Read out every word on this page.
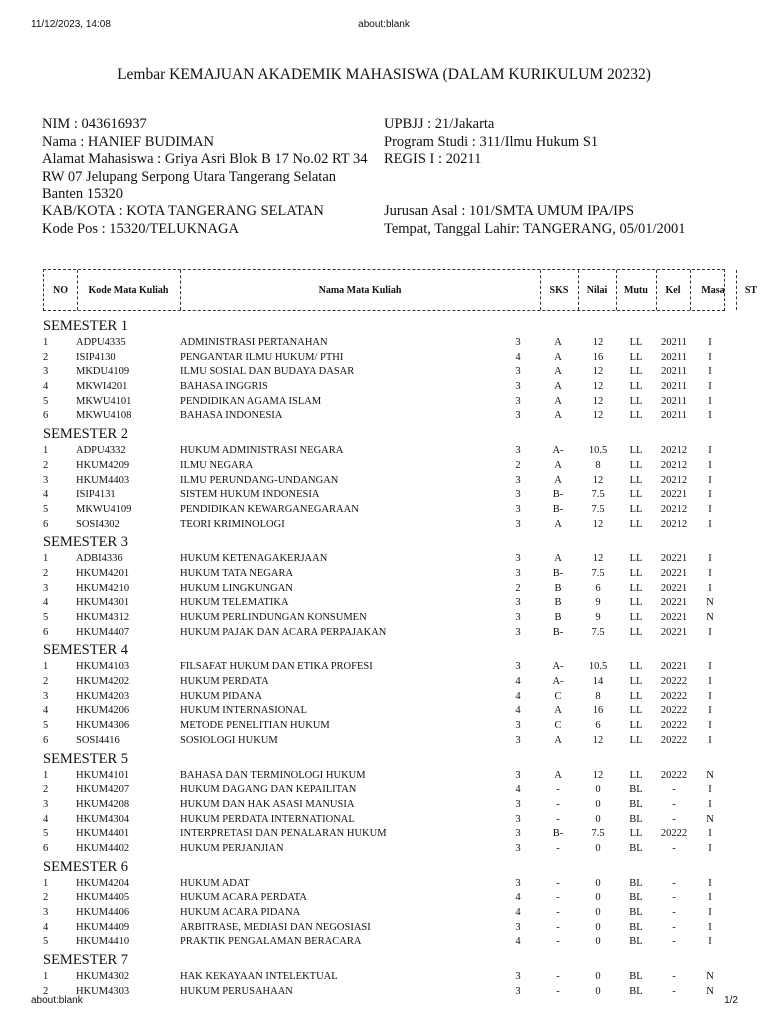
11/12/2023, 14:08	about:blank
Lembar KEMAJUAN AKADEMIK MAHASISWA (DALAM KURIKULUM 20232)
NIM : 043616937
Nama : HANIEF BUDIMAN
Alamat Mahasiswa : Griya Asri Blok B 17 No.02 RT 34
RW 07 Jelupang Serpong Utara Tangerang Selatan
Banten 15320
UPBJJ : 21/Jakarta
Program Studi : 311/Ilmu Hukum S1
REGIS I : 20211
KAB/KOTA : KOTA TANGERANG SELATAN
Kode Pos : 15320/TELUKNAGA
Jurusan Asal : 101/SMTA UMUM IPA/IPS
Tempat, Tanggal Lahir: TANGERANG, 05/01/2001
NO	Kode Mata Kuliah	Nama Mata Kuliah	SKS	Nilai	Mutu	Kel	Masa	ST
SEMESTER 1
1	ADPU4335	ADMINISTRASI PERTANAHAN	3	A	12	LL	20211	I
2	ISIP4130	PENGANTAR ILMU HUKUM/ PTHI	4	A	16	LL	20211	I
3	MKDU4109	ILMU SOSIAL DAN BUDAYA DASAR	3	A	12	LL	20211	I
4	MKWI4201	BAHASA INGGRIS	3	A	12	LL	20211	I
5	MKWU4101	PENDIDIKAN AGAMA ISLAM	3	A	12	LL	20211	I
6	MKWU4108	BAHASA INDONESIA	3	A	12	LL	20211	I
SEMESTER 2
1	ADPU4332	HUKUM ADMINISTRASI NEGARA	3	A-	10.5	LL	20212	I
2	HKUM4209	ILMU NEGARA	2	A	8	LL	20212	I
3	HKUM4403	ILMU PERUNDANG-UNDANGAN	3	A	12	LL	20212	I
4	ISIP4131	SISTEM HUKUM INDONESIA	3	B-	7.5	LL	20221	I
5	MKWU4109	PENDIDIKAN KEWARGANEGARAAN	3	B-	7.5	LL	20212	I
6	SOSI4302	TEORI KRIMINOLOGI	3	A	12	LL	20212	I
SEMESTER 3
1	ADBI4336	HUKUM KETENAGAKERJAAN	3	A	12	LL	20221	I
2	HKUM4201	HUKUM TATA NEGARA	3	B-	7.5	LL	20221	I
3	HKUM4210	HUKUM LINGKUNGAN	2	B	6	LL	20221	I
4	HKUM4301	HUKUM TELEMATIKA	3	B	9	LL	20221	N
5	HKUM4312	HUKUM PERLINDUNGAN KONSUMEN	3	B	9	LL	20221	N
6	HKUM4407	HUKUM PAJAK DAN ACARA PERPAJAKAN	3	B-	7.5	LL	20221	I
SEMESTER 4
1	HKUM4103	FILSAFAT HUKUM DAN ETIKA PROFESI	3	A-	10.5	LL	20221	I
2	HKUM4202	HUKUM PERDATA	4	A-	14	LL	20222	I
3	HKUM4203	HUKUM PIDANA	4	C	8	LL	20222	I
4	HKUM4206	HUKUM INTERNASIONAL	4	A	16	LL	20222	I
5	HKUM4306	METODE PENELITIAN HUKUM	3	C	6	LL	20222	I
6	SOSI4416	SOSIOLOGI HUKUM	3	A	12	LL	20222	I
SEMESTER 5
1	HKUM4101	BAHASA DAN TERMINOLOGI HUKUM	3	A	12	LL	20222	N
2	HKUM4207	HUKUM DAGANG DAN KEPAILITAN	4	-	0	BL	-	I
3	HKUM4208	HUKUM DAN HAK ASASI MANUSIA	3	-	0	BL	-	I
4	HKUM4304	HUKUM PERDATA INTERNATIONAL	3	-	0	BL	-	N
5	HKUM4401	INTERPRETASI DAN PENALARAN HUKUM	3	B-	7.5	LL	20222	I
6	HKUM4402	HUKUM PERJANJIAN	3	-	0	BL	-	I
SEMESTER 6
1	HKUM4204	HUKUM ADAT	3	-	0	BL	-	I
2	HKUM4405	HUKUM ACARA PERDATA	4	-	0	BL	-	I
3	HKUM4406	HUKUM ACARA PIDANA	4	-	0	BL	-	I
4	HKUM4409	ARBITRASE, MEDIASI DAN NEGOSIASI	3	-	0	BL	-	I
5	HKUM4410	PRAKTIK PENGALAMAN BERACARA	4	-	0	BL	-	I
SEMESTER 7
1	HKUM4302	HAK KEKAYAAN INTELEKTUAL	3	-	0	BL	-	N
2	HKUM4303	HUKUM PERUSAHAAN	3	-	0	BL	-	N
about:blank	1/2
